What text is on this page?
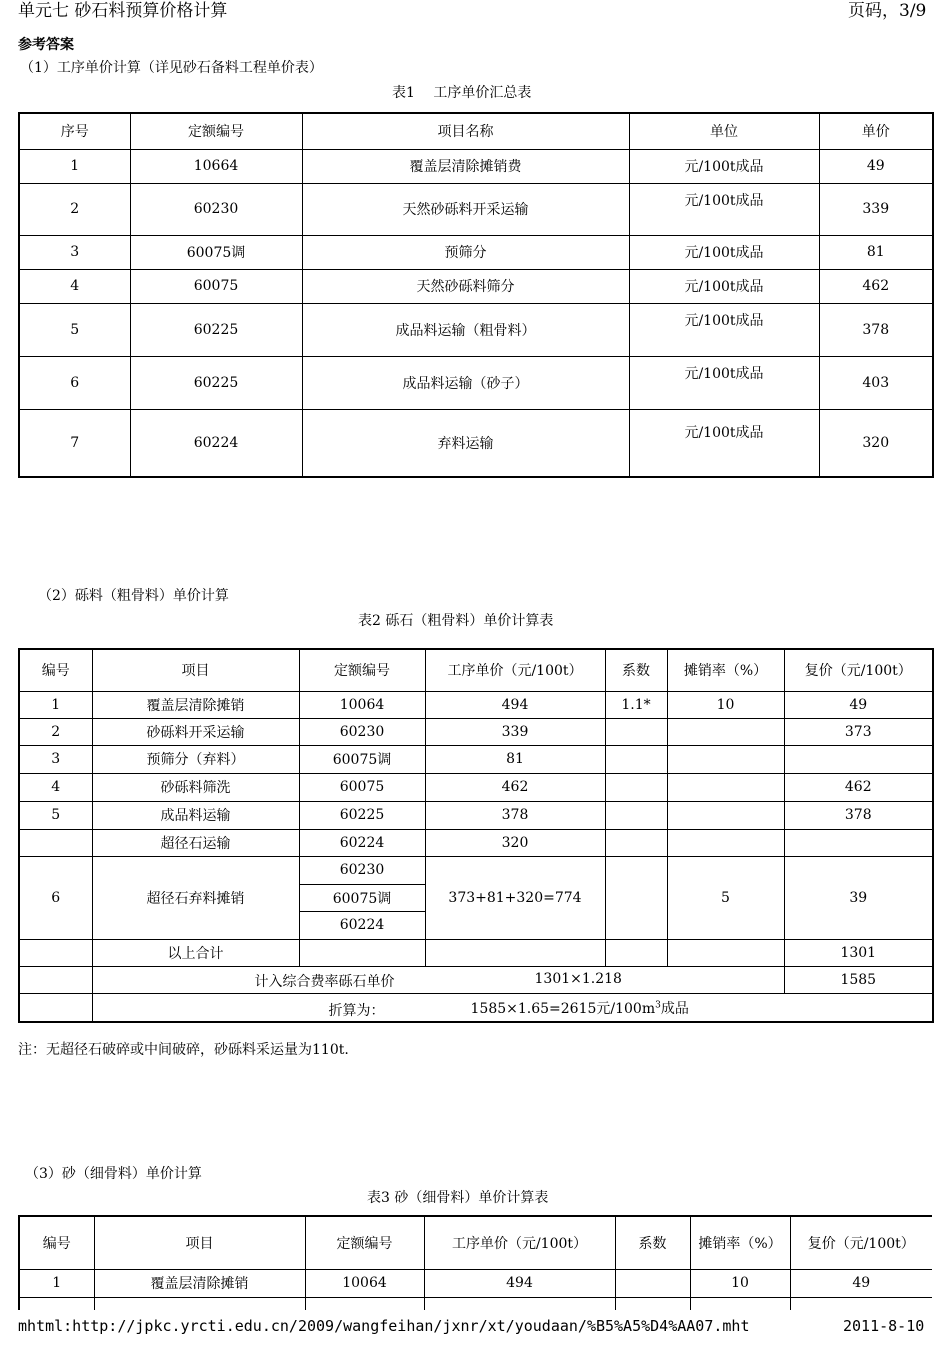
单元七 砂石料预算价格计算	页码，3/9
参考答案
（1）工序单价计算（详见砂石备料工程单价表）
表1　 工序单价汇总表
序号	定额编号	项目名称	单位	单价
1	10664	覆盖层清除摊销费	元/100t成品	49
2	60230	天然砂砾料开采运输	元/100t成品	339
3	60075调	预筛分	元/100t成品	81
4	60075	天然砂砾料筛分	元/100t成品	462
5	60225	成品料运输（粗骨料）	元/100t成品	378
6	60225	成品料运输（砂子）	元/100t成品	403
7	60224	弃料运输	元/100t成品	320
（2）砾料（粗骨料）单价计算
表2 砾石（粗骨料）单价计算表
编号	项目	定额编号	工序单价（元/100t）	系数	摊销率（%）	复价（元/100t）
1	覆盖层清除摊销	10064	494	1.1*	10	49
2	砂砾料开采运输	60230	339			373
3	预筛分（弃料）	60075调	81			
4	砂砾料筛洗	60075	462			462
5	成品料运输	60225	378			378
	超径石运输	60224	320			
6	超径石弃料摊销	60230	373+81+320=774		5	39
		60075调				
		60224				
	以上合计					1301

	计入综合费率砾石单价 1301×1.218					1585

	折算为： 1585×1.65=2615元$/100m^3$成品					
注：无超径石破碎或中间破碎，砂砾料采运量为110t.
（3）砂（细骨料）单价计算
表3 砂（细骨料）单价计算表
编号	项目	定额编号	工序单价（元/100t）	系数	摊销率（%）	复价（元/100t）
1	覆盖层清除摊销	10064	494		10	49

mhtml:http://jpkc.yrcti.edu.cn/2009/wangfeihan/jxnr/xt/youdaan/%B5%A5%D4%AA07.mht	2011-8-10
